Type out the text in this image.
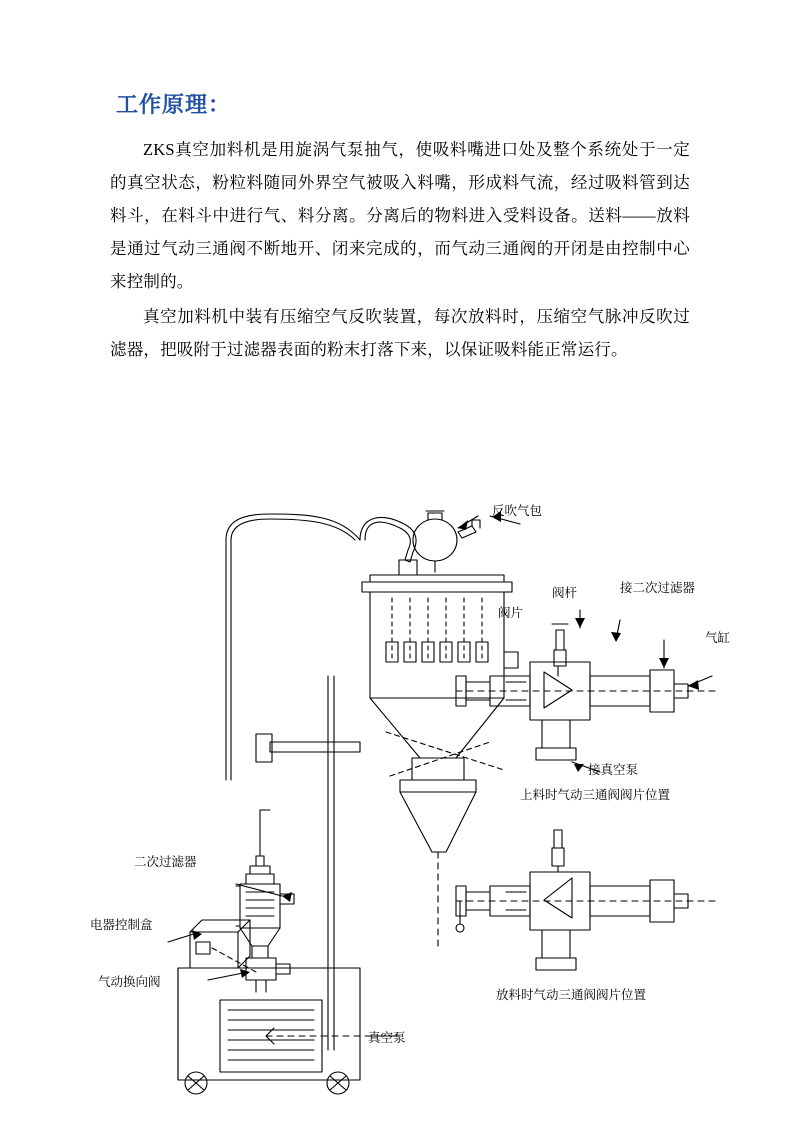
工作原理：

ZKS真空加料机是用旋涡气泵抽气，使吸料嘴进口处及整个系统处于一定的真空状态，粉粒料随同外界空气被吸入料嘴，形成料气流，经过吸料管到达料斗，在料斗中进行气、料分离。分离后的物料进入受料设备。送料——放料是通过气动三通阀不断地开、闭来完成的，而气动三通阀的开闭是由控制中心来控制的。

真空加料机中装有压缩空气反吹装置，每次放料时，压缩空气脉冲反吹过滤器，把吸附于过滤器表面的粉末打落下来，以保证吸料能正常运行。

反吹气包
阀片
阀杆	接二次过滤器
气缸
接真空泵
二次过滤器
电器控制盒
气动换向阀
真空泵
上料时气动三通阀阀片位置
放料时气动三通阀阀片位置
